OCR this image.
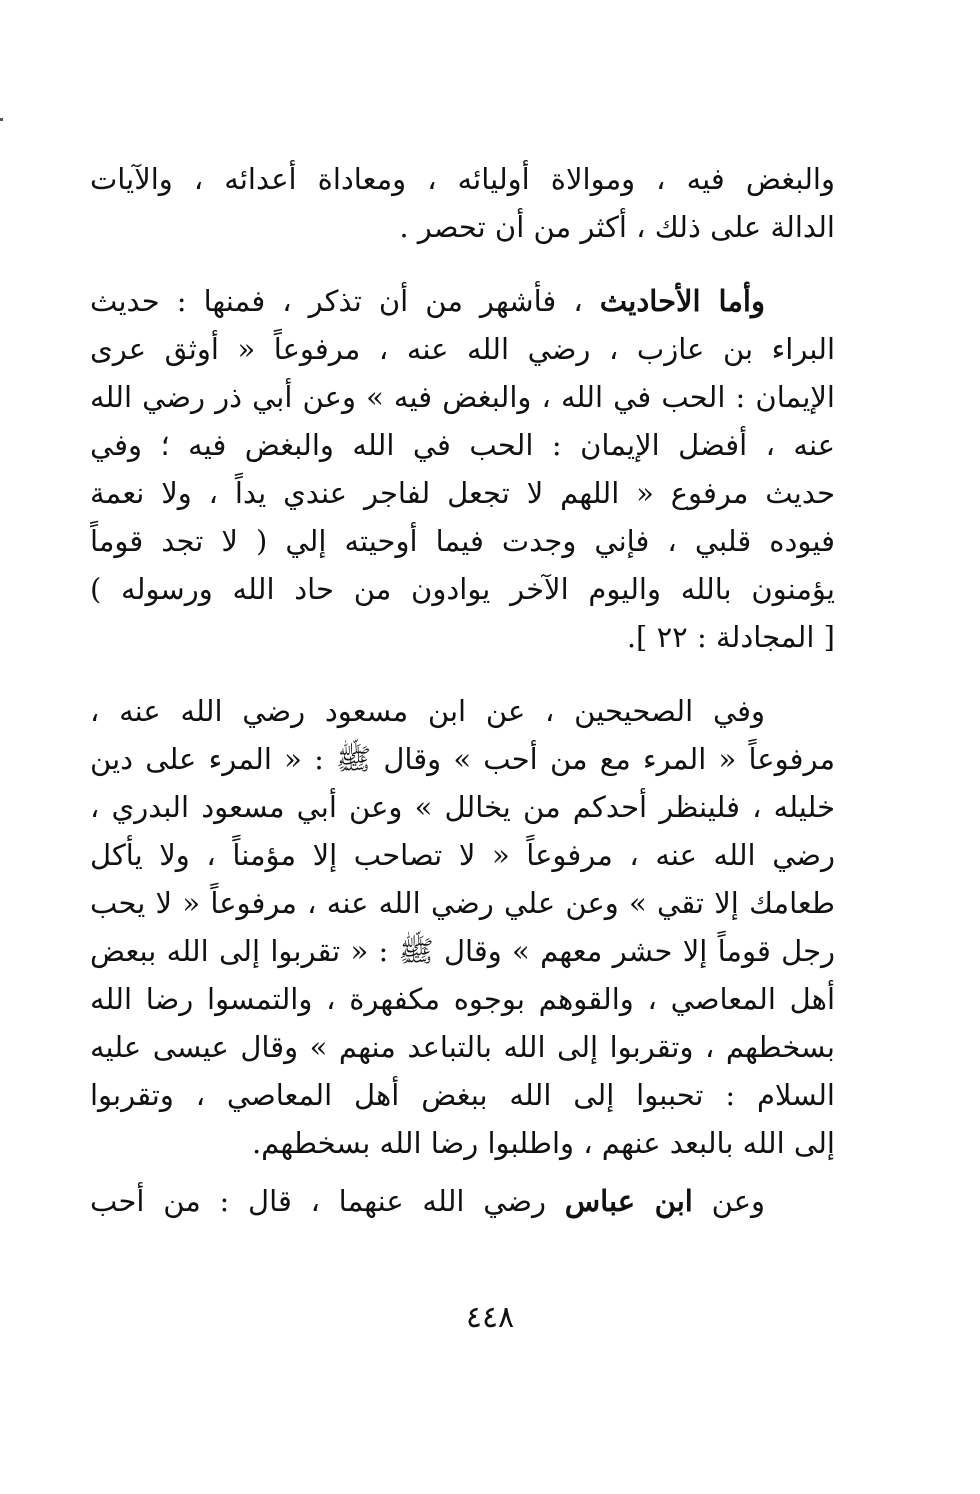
والبغض فيه ، وموالاة أوليائه ، ومعاداة أعدائه ، والآيات
الدالة على ذلك ، أكثر من أن تحصر .
وأما الأحاديث ، فأشهر من أن تذكر ، فمنها : حديث
البراء بن عازب ، رضي الله عنه ، مرفوعاً « أوثق عرى
الإيمان : الحب في الله ، والبغض فيه » وعن أبي ذر رضي الله
عنه ، أفضل الإيمان : الحب في الله والبغض فيه ؛ وفي
حديث مرفوع « اللهم لا تجعل لفاجر عندي يداً ، ولا نعمة
فيوده قلبي ، فإني وجدت فيما أوحيته إلي ( لا تجد قوماً
يؤمنون بالله واليوم الآخر يوادون من حاد الله ورسوله )
[ المجادلة : ٢٢ ].
وفي الصحيحين ، عن ابن مسعود رضي الله عنه ،
مرفوعاً « المرء مع من أحب » وقال ﷺ : « المرء على دين
خليله ، فلينظر أحدكم من يخالل » وعن أبي مسعود البدري ،
رضي الله عنه ، مرفوعاً « لا تصاحب إلا مؤمناً ، ولا يأكل
طعامك إلا تقي » وعن علي رضي الله عنه ، مرفوعاً « لا يحب
رجل قوماً إلا حشر معهم » وقال ﷺ : « تقربوا إلى الله ببعض
أهل المعاصي ، والقوهم بوجوه مكفهرة ، والتمسوا رضا الله
بسخطهم ، وتقربوا إلى الله بالتباعد منهم » وقال عيسى عليه
السلام : تحببوا إلى الله ببغض أهل المعاصي ، وتقربوا
إلى الله بالبعد عنهم ، واطلبوا رضا الله بسخطهم.
وعن ابن عباس رضي الله عنهما ، قال : من أحب
٤٤٨
